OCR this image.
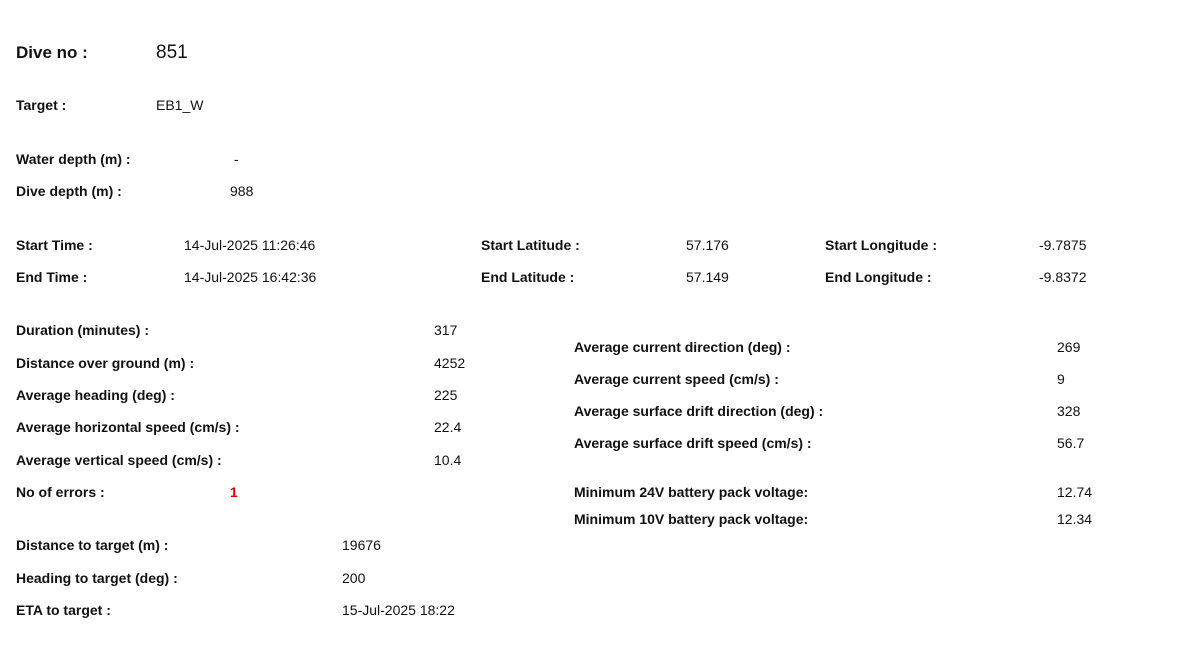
Dive no :	851
Target :	EB1_W
Water depth (m) :	-
Dive depth (m) :	988
Start Time :	14-Jul-2025 11:26:46
End Time :	14-Jul-2025 16:42:36
Start Latitude :	57.176
End Latitude :	57.149
Start Longitude :	-9.7875
End Longitude :	-9.8372
Duration (minutes) :	317
Distance over ground (m) :	4252
Average heading (deg) :	225
Average horizontal speed (cm/s) :	22.4
Average vertical speed (cm/s) :	10.4
No of errors :	1
Distance to target (m) :	19676
Heading to target (deg) :	200
ETA to target :	15-Jul-2025 18:22
Average current direction (deg) :	269
Average current speed (cm/s) :	9
Average surface drift direction (deg) :	328
Average surface drift speed (cm/s) :	56.7
Minimum 24V battery pack voltage:	12.74
Minimum 10V battery pack voltage:	12.34
